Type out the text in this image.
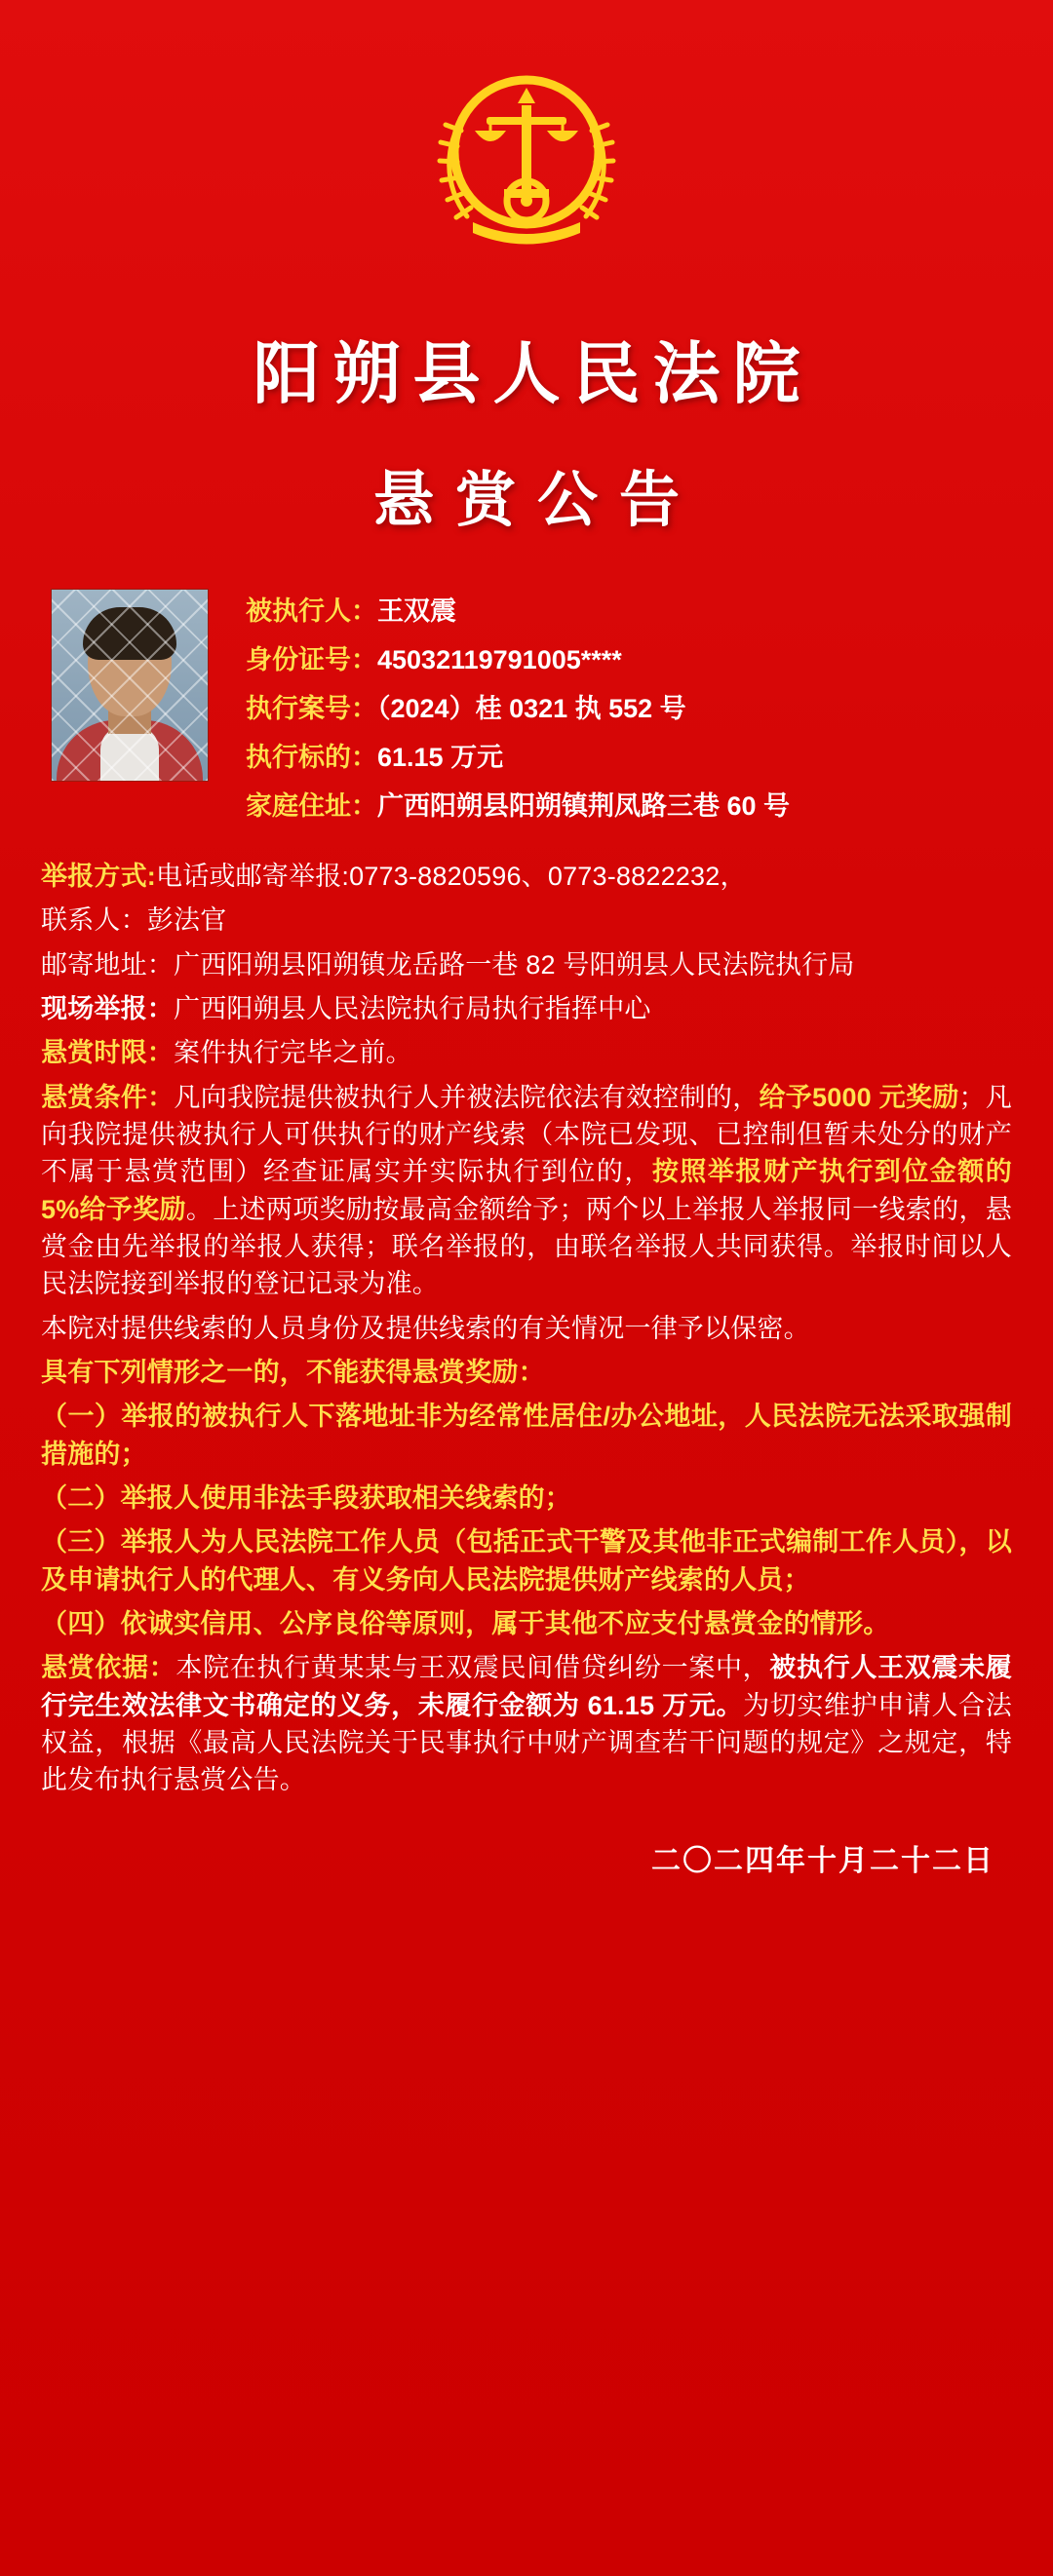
阳朔县人民法院
悬赏公告
被执行人：王双震
身份证号：45032119791005****
执行案号：（2024）桂 0321 执 552 号
执行标的：61.15 万元
家庭住址：广西阳朔县阳朔镇荆凤路三巷 60 号

举报方式:电话或邮寄举报:0773-8820596、0773-8822232，

联系人：彭法官

邮寄地址：广西阳朔县阳朔镇龙岳路一巷 82 号阳朔县人民法院执行局

现场举报：广西阳朔县人民法院执行局执行指挥中心

悬赏时限：案件执行完毕之前。

悬赏条件：凡向我院提供被执行人并被法院依法有效控制的，给予5000 元奖励；凡向我院提供被执行人可供执行的财产线索（本院已发现、已控制但暂未处分的财产不属于悬赏范围）经查证属实并实际执行到位的，按照举报财产执行到位金额的 5%给予奖励。上述两项奖励按最高金额给予；两个以上举报人举报同一线索的，悬赏金由先举报的举报人获得；联名举报的，由联名举报人共同获得。举报时间以人民法院接到举报的登记记录为准。

本院对提供线索的人员身份及提供线索的有关情况一律予以保密。

具有下列情形之一的，不能获得悬赏奖励：

（一）举报的被执行人下落地址非为经常性居住/办公地址，人民法院无法采取强制措施的；

（二）举报人使用非法手段获取相关线索的；

（三）举报人为人民法院工作人员（包括正式干警及其他非正式编制工作人员），以及申请执行人的代理人、有义务向人民法院提供财产线索的人员；

（四）依诚实信用、公序良俗等原则，属于其他不应支付悬赏金的情形。

悬赏依据：本院在执行黄某某与王双震民间借贷纠纷一案中，被执行人王双震未履行完生效法律文书确定的义务，未履行金额为 61.15 万元。为切实维护申请人合法权益，根据《最高人民法院关于民事执行中财产调查若干问题的规定》之规定，特此发布执行悬赏公告。

二〇二四年十月二十二日
